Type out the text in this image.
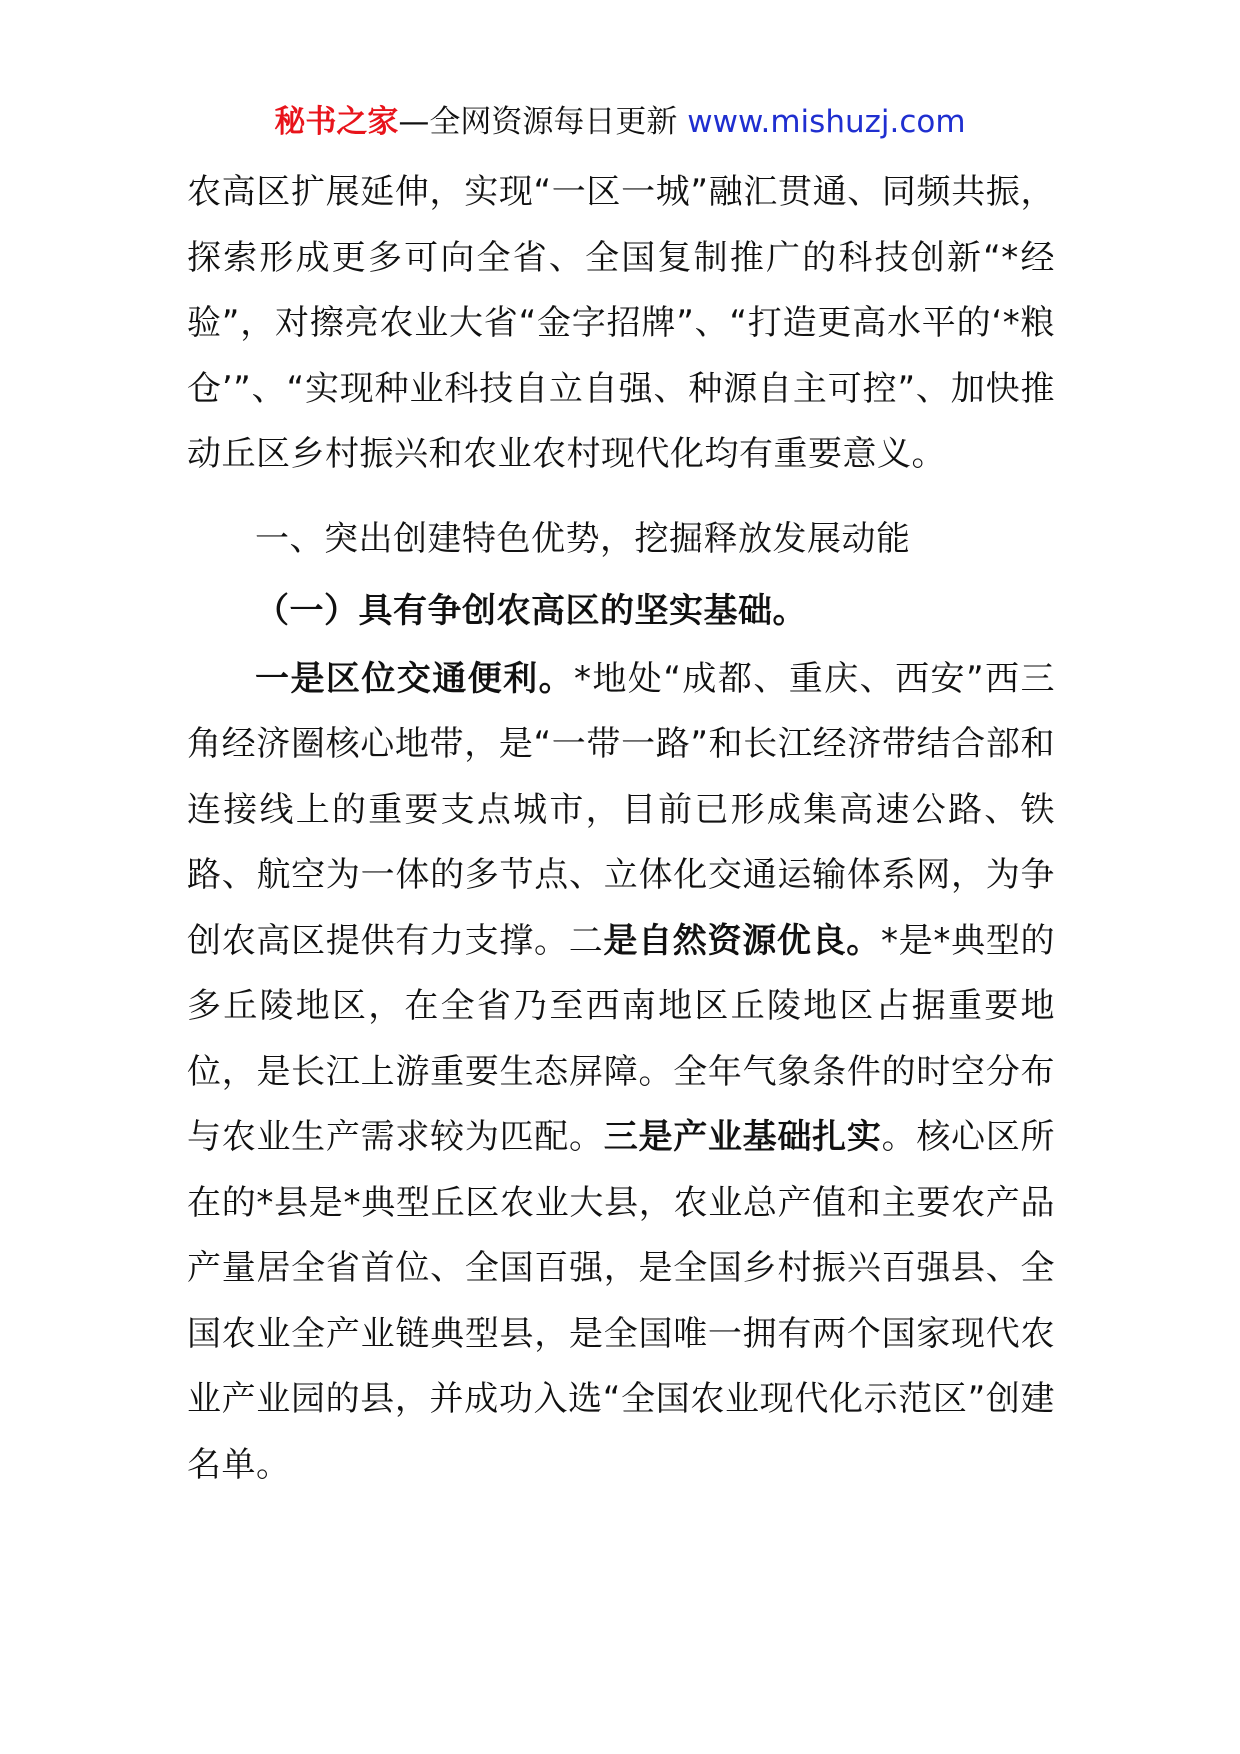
秘书之家—全网资源每日更新 www.mishuzj.com

农高区扩展延伸，实现“一区一城”融汇贯通、同频共振，探索形成更多可向全省、全国复制推广的科技创新“*经验”，对擦亮农业大省“金字招牌”、“打造更高水平的‘*粮仓’”、“实现种业科技自立自强、种源自主可控”、加快推动丘区乡村振兴和农业农村现代化均有重要意义。

一、突出创建特色优势，挖掘释放发展动能

（一）具有争创农高区的坚实基础。

一是区位交通便利。*地处“成都、重庆、西安”西三角经济圈核心地带，是“一带一路”和长江经济带结合部和连接线上的重要支点城市，目前已形成集高速公路、铁路、航空为一体的多节点、立体化交通运输体系网，为争创农高区提供有力支撑。二是自然资源优良。*是*典型的多丘陵地区，在全省乃至西南地区丘陵地区占据重要地位，是长江上游重要生态屏障。全年气象条件的时空分布与农业生产需求较为匹配。三是产业基础扎实。核心区所在的*县是*典型丘区农业大县，农业总产值和主要农产品产量居全省首位、全国百强，是全国乡村振兴百强县、全国农业全产业链典型县，是全国唯一拥有两个国家现代农业产业园的县，并成功入选“全国农业现代化示范区”创建名单。
